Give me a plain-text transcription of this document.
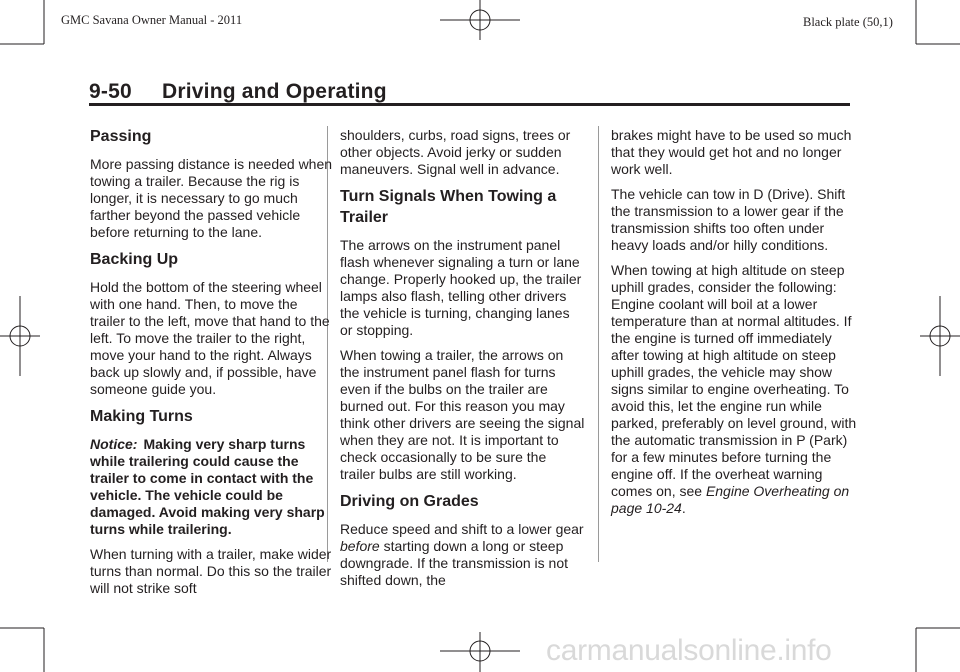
GMC Savana Owner Manual - 2011	Black plate (50,1)
9-50     Driving and Operating
Passing

More passing distance is needed when towing a trailer. Because the rig is longer, it is necessary to go much farther beyond the passed vehicle before returning to the lane.

Backing Up

Hold the bottom of the steering wheel with one hand. Then, to move the trailer to the left, move that hand to the left. To move the trailer to the right, move your hand to the right. Always back up slowly and, if possible, have someone guide you.

Making Turns

Notice: Making very sharp turns while trailering could cause the trailer to come in contact with the vehicle. The vehicle could be damaged. Avoid making very sharp turns while trailering.

When turning with a trailer, make wider turns than normal. Do this so the trailer will not strike soft

shoulders, curbs, road signs, trees or other objects. Avoid jerky or sudden maneuvers. Signal well in advance.

Turn Signals When Towing a Trailer

The arrows on the instrument panel flash whenever signaling a turn or lane change. Properly hooked up, the trailer lamps also flash, telling other drivers the vehicle is turning, changing lanes or stopping.

When towing a trailer, the arrows on the instrument panel flash for turns even if the bulbs on the trailer are burned out. For this reason you may think other drivers are seeing the signal when they are not. It is important to check occasionally to be sure the trailer bulbs are still working.

Driving on Grades

Reduce speed and shift to a lower gear before starting down a long or steep downgrade. If the transmission is not shifted down, the

brakes might have to be used so much that they would get hot and no longer work well.

The vehicle can tow in D (Drive). Shift the transmission to a lower gear if the transmission shifts too often under heavy loads and/or hilly conditions.

When towing at high altitude on steep uphill grades, consider the following: Engine coolant will boil at a lower temperature than at normal altitudes. If the engine is turned off immediately after towing at high altitude on steep uphill grades, the vehicle may show signs similar to engine overheating. To avoid this, let the engine run while parked, preferably on level ground, with the automatic transmission in P (Park) for a few minutes before turning the engine off. If the overheat warning comes on, see Engine Overheating on page 10-24.

carmanualsonline.info
